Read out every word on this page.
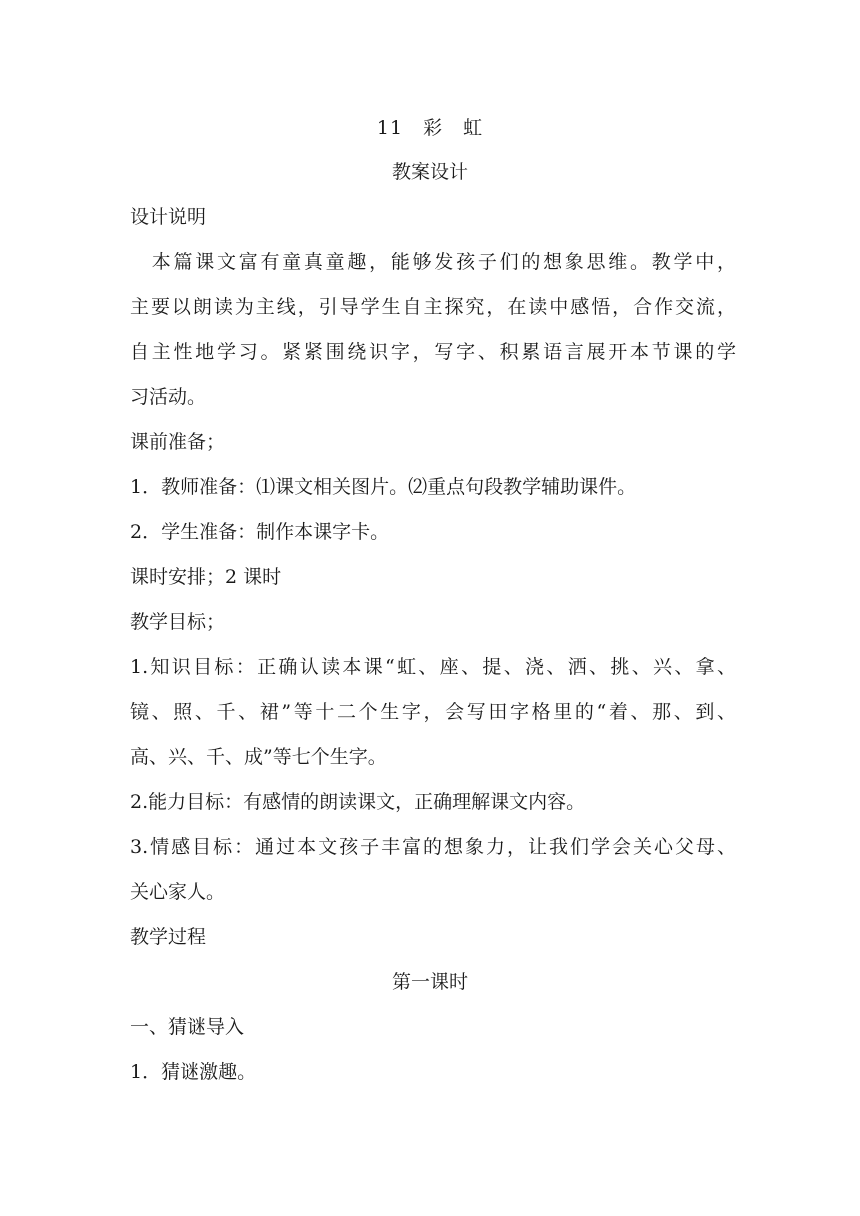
11　彩　虹
教案设计
设计说明
　本篇课文富有童真童趣，能够发孩子们的想象思维。教学中，
主要以朗读为主线，引导学生自主探究，在读中感悟，合作交流，
自主性地学习。紧紧围绕识字，写字、积累语言展开本节课的学
习活动。
课前准备；
1．教师准备：⑴课文相关图片。⑵重点句段教学辅助课件。
2．学生准备：制作本课字卡。
课时安排；2 课时
教学目标；
1.知识目标：正确认读本课“虹、座、提、浇、洒、挑、兴、拿、
镜、照、千、裙”等十二个生字，会写田字格里的“着、那、到、
高、兴、千、成”等七个生字。
2.能力目标：有感情的朗读课文，正确理解课文内容。
3.情感目标：通过本文孩子丰富的想象力，让我们学会关心父母、
关心家人。
教学过程
第一课时
一、猜谜导入
1．猜谜激趣。
